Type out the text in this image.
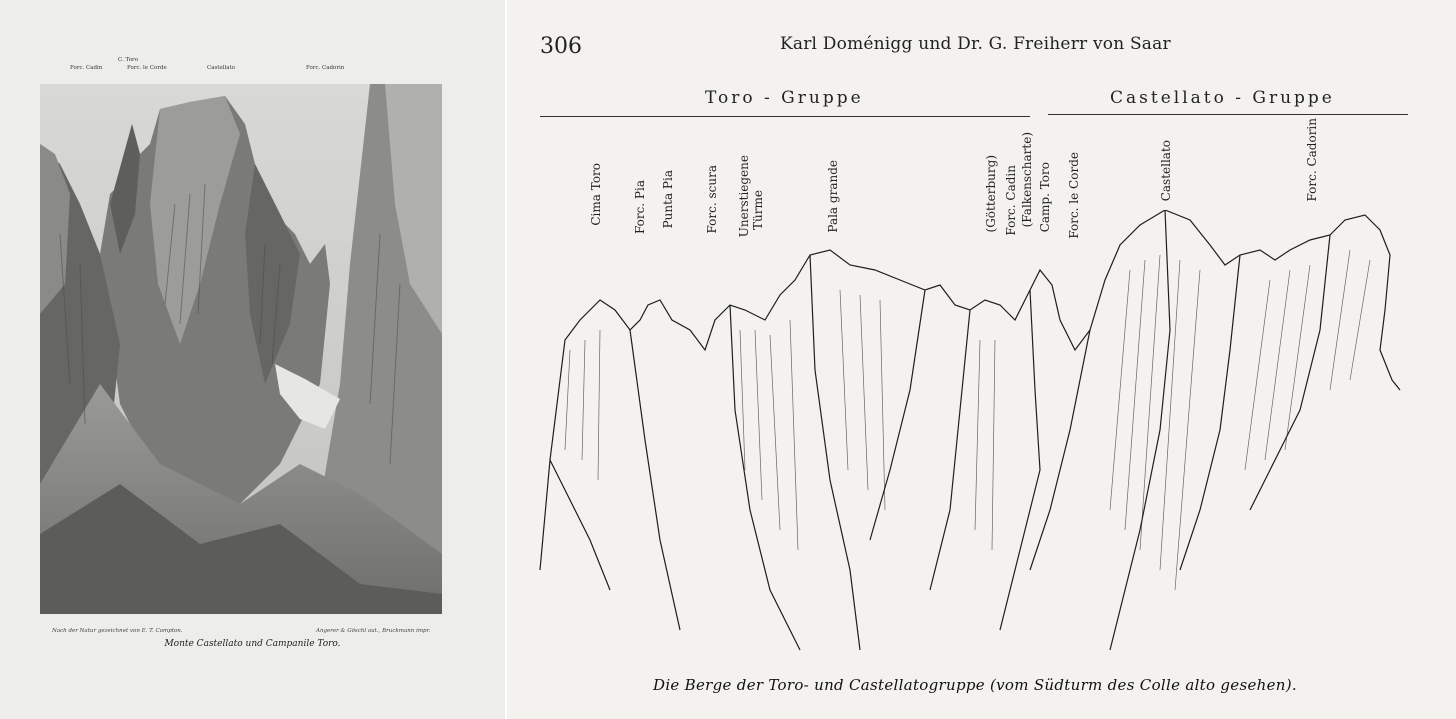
C. Toro
Forc. Cadin	Forc. le Corde	Castellato	Forc. Cadorin
Nach der Natur gezeichnet von E. T. Compton.	Angerer & Göschl aut., Bruckmann impr.
Monte Castellato und Campanile Toro.
306	Karl Doménigg und Dr. G. Freiherr von Saar
Toro - Gruppe	Castellato - Gruppe
Cima Toro	Forc. Pia Punta Pia	Forc. scura Unerstiegene Türme	Pala grande	(Götterburg) Forc. Cadin (Falkenscharte) Camp. Toro Forc. le Corde	Castellato	Forc. Cadorin
Die Berge der Toro- und Castellatogruppe (vom Südturm des Colle alto gesehen).
